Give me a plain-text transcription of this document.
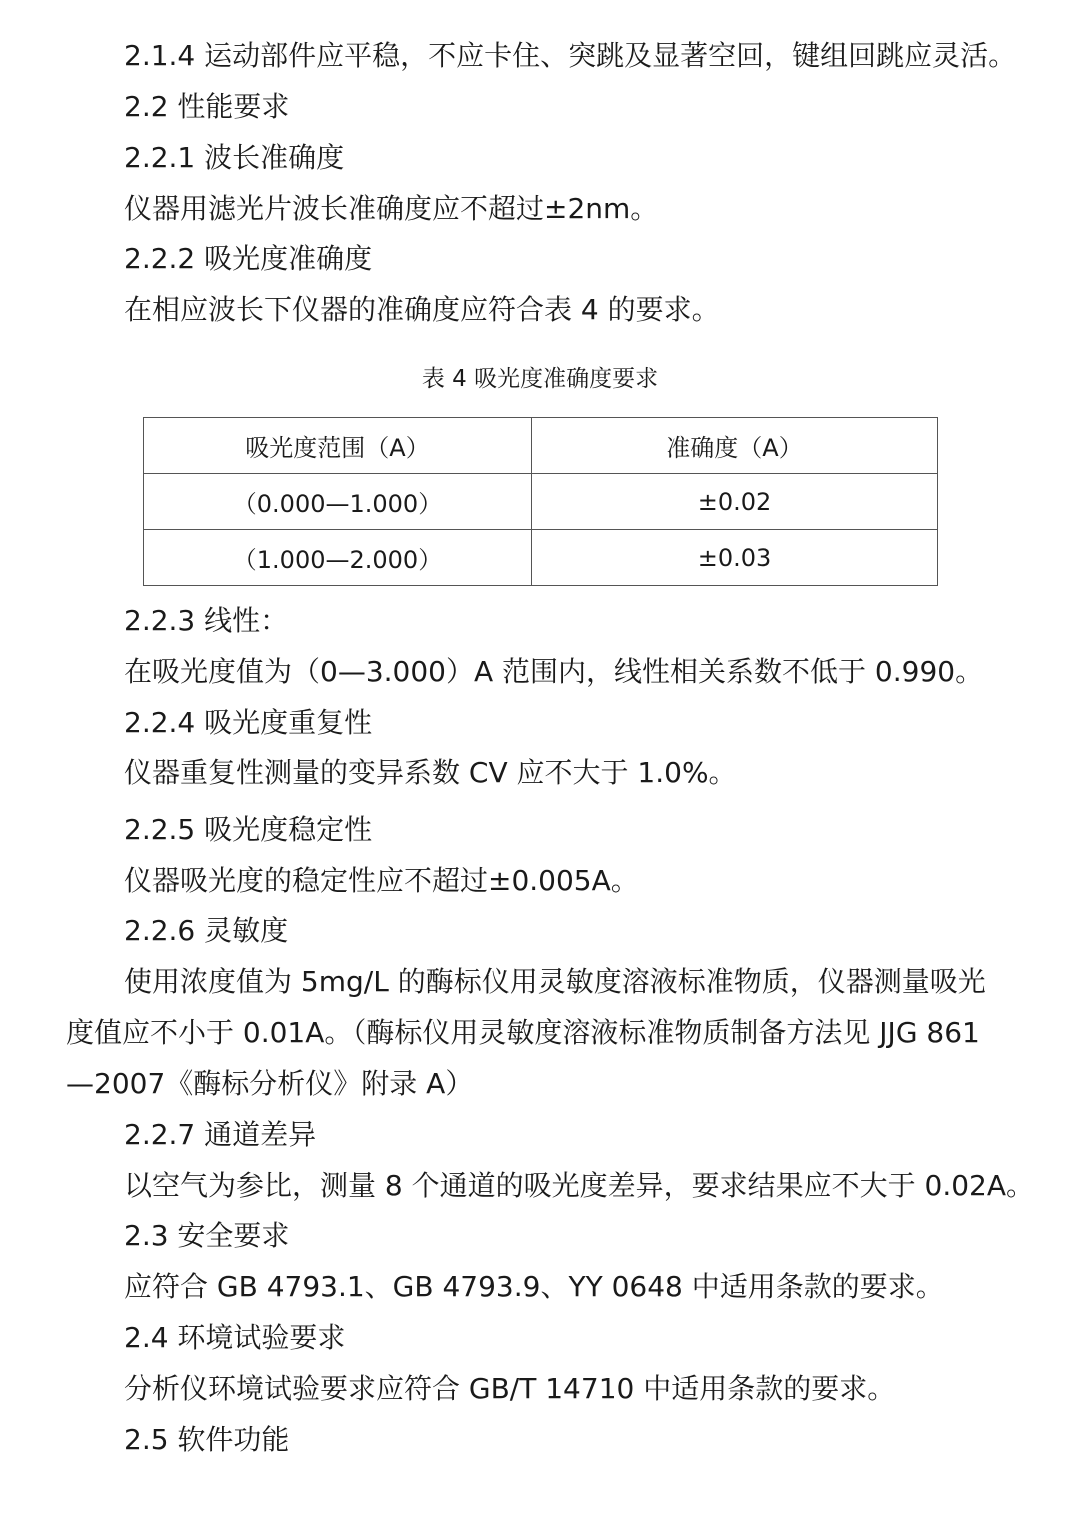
2.1.4 运动部件应平稳，不应卡住、突跳及显著空回，键组回跳应灵活。
2.2 性能要求
2.2.1 波长准确度
仪器用滤光片波长准确度应不超过±2nm。
2.2.2 吸光度准确度
在相应波长下仪器的准确度应符合表 4 的要求。
表 4 吸光度准确度要求
吸光度范围（A）	准确度（A）
（0.000—1.000）	±0.02
（1.000—2.000）	±0.03
2.2.3 线性：
在吸光度值为（0—3.000）A 范围内，线性相关系数不低于 0.990。
2.2.4 吸光度重复性
仪器重复性测量的变异系数 CV 应不大于 1.0%。
2.2.5 吸光度稳定性
仪器吸光度的稳定性应不超过±0.005A。
2.2.6 灵敏度
使用浓度值为 5mg/L 的酶标仪用灵敏度溶液标准物质，仪器测量吸光
度值应不小于 0.01A。（酶标仪用灵敏度溶液标准物质制备方法见 JJG 861
—2007《酶标分析仪》附录 A）
2.2.7 通道差异
以空气为参比，测量 8 个通道的吸光度差异，要求结果应不大于 0.02A。
2.3 安全要求
应符合 GB 4793.1、GB 4793.9、YY 0648 中适用条款的要求。
2.4 环境试验要求
分析仪环境试验要求应符合 GB/T 14710 中适用条款的要求。
2.5 软件功能
